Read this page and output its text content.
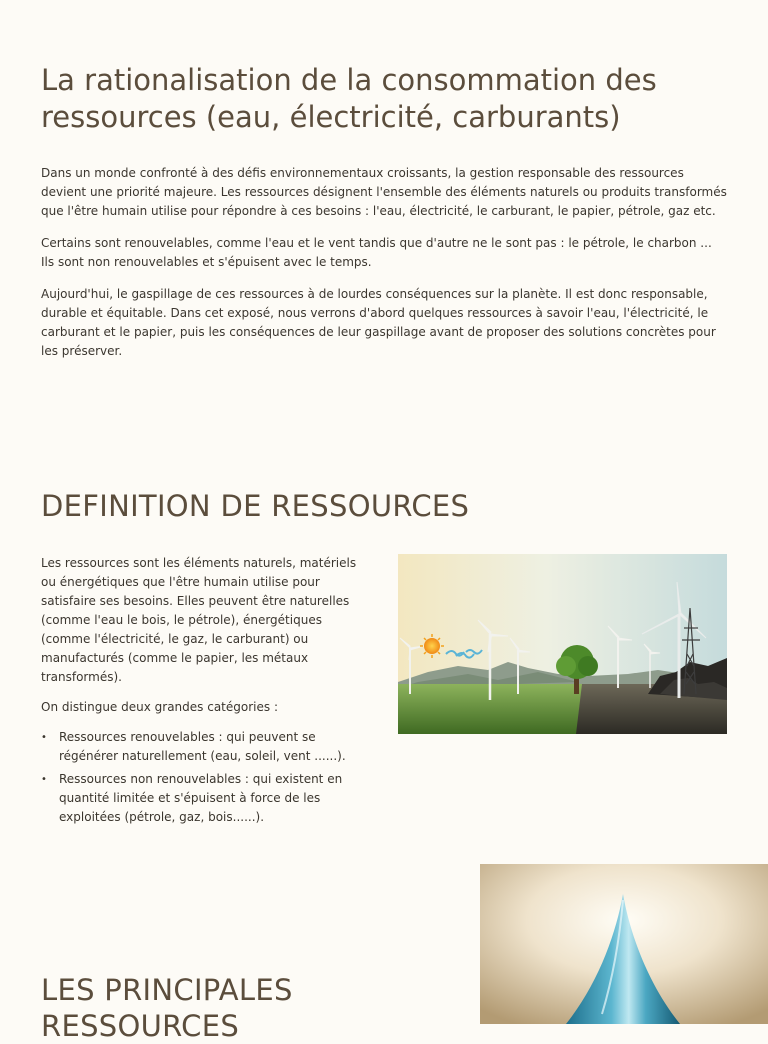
La rationalisation de la consommation des ressources (eau, électricité, carburants)

Dans un monde confronté à des défis environnementaux croissants, la gestion responsable des ressources devient une priorité majeure. Les ressources désignent l'ensemble des éléments naturels ou produits transformés que l'être humain utilise pour répondre à ces besoins : l'eau, électricité, le carburant, le papier, pétrole, gaz etc.

Certains sont renouvelables, comme l'eau et le vent tandis que d'autre ne le sont pas : le pétrole, le charbon ... Ils sont non renouvelables et s'épuisent avec le temps.

Aujourd'hui, le gaspillage de ces ressources à de lourdes conséquences sur la planète. Il est donc responsable, durable et équitable. Dans cet exposé, nous verrons d'abord quelques ressources à savoir l'eau, l'électricité, le carburant et le papier, puis les conséquences de leur gaspillage avant de proposer des solutions concrètes pour les préserver.

DEFINITION DE RESSOURCES

Les ressources sont les éléments naturels, matériels ou énergétiques que l'être humain utilise pour satisfaire ses besoins. Elles peuvent être naturelles (comme l'eau le bois, le pétrole), énergétiques (comme l'électricité, le gaz, le carburant) ou manufacturés (comme le papier, les métaux transformés).

On distingue deux grandes catégories :

• Ressources renouvelables : qui peuvent se régénérer naturellement (eau, soleil, vent ......).
• Ressources non renouvelables : qui existent en quantité limitée et s'épuisent à force de les exploitées (pétrole, gaz, bois......).
LES PRINCIPALES RESSOURCES
